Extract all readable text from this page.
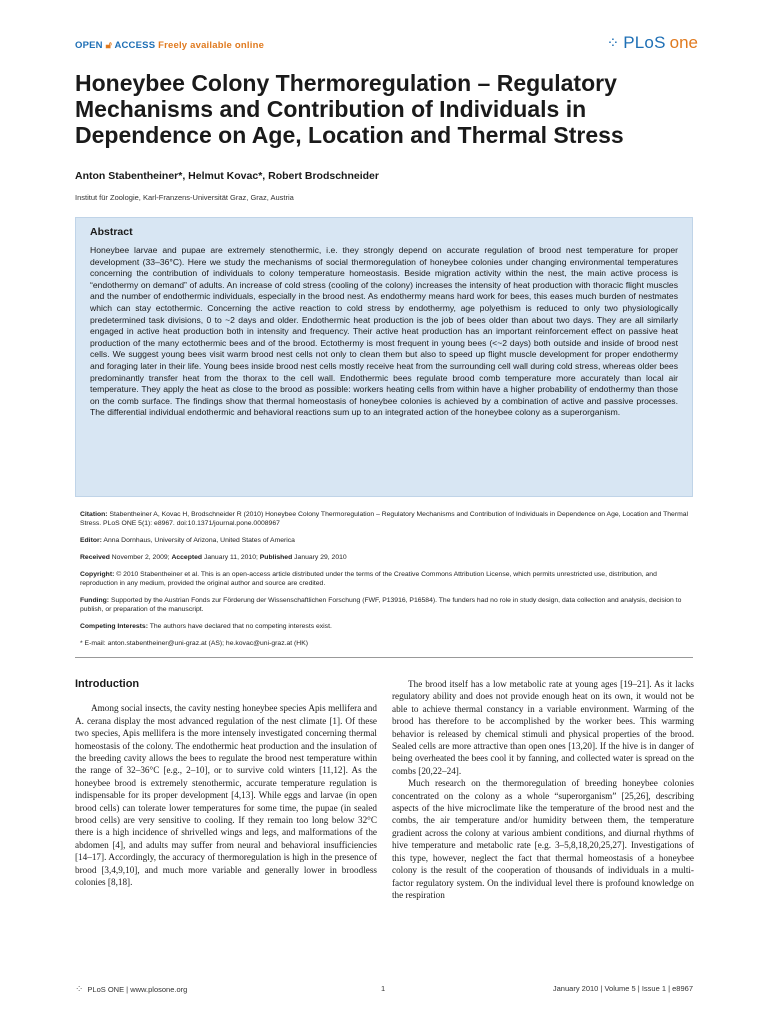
OPEN 🔓︎ ACCESS Freely available online	⁘ PLoS one
Honeybee Colony Thermoregulation – Regulatory Mechanisms and Contribution of Individuals in Dependence on Age, Location and Thermal Stress
Anton Stabentheiner*, Helmut Kovac*, Robert Brodschneider
Institut für Zoologie, Karl-Franzens-Universität Graz, Graz, Austria
Abstract

Honeybee larvae and pupae are extremely stenothermic, i.e. they strongly depend on accurate regulation of brood nest temperature for proper development (33–36°C). Here we study the mechanisms of social thermoregulation of honeybee colonies under changing environmental temperatures concerning the contribution of individuals to colony temperature homeostasis. Beside migration activity within the nest, the main active process is “endothermy on demand” of adults. An increase of cold stress (cooling of the colony) increases the intensity of heat production with thoracic flight muscles and the number of endothermic individuals, especially in the brood nest. As endothermy means hard work for bees, this eases much burden of nestmates which can stay ectothermic. Concerning the active reaction to cold stress by endothermy, age polyethism is reduced to only two physiologically predetermined task divisions, 0 to ~2 days and older. Endothermic heat production is the job of bees older than about two days. They are all similarly engaged in active heat production both in intensity and frequency. Their active heat production has an important reinforcement effect on passive heat production of the many ectothermic bees and of the brood. Ectothermy is most frequent in young bees (<~2 days) both outside and inside of brood nest cells. We suggest young bees visit warm brood nest cells not only to clean them but also to speed up flight muscle development for proper endothermy and foraging later in their life. Young bees inside brood nest cells mostly receive heat from the surrounding cell wall during cold stress, whereas older bees predominantly transfer heat from the thorax to the cell wall. Endothermic bees regulate brood comb temperature more accurately than local air temperature. They apply the heat as close to the brood as possible: workers heating cells from within have a higher probability of endothermy than those on the comb surface. The findings show that thermal homeostasis of honeybee colonies is achieved by a combination of active and passive processes. The differential individual endothermic and behavioral reactions sum up to an integrated action of the honeybee colony as a superorganism.

Citation: Stabentheiner A, Kovac H, Brodschneider R (2010) Honeybee Colony Thermoregulation – Regulatory Mechanisms and Contribution of Individuals in Dependence on Age, Location and Thermal Stress. PLoS ONE 5(1): e8967. doi:10.1371/journal.pone.0008967

Editor: Anna Dornhaus, University of Arizona, United States of America

Received November 2, 2009; Accepted January 11, 2010; Published January 29, 2010

Copyright: © 2010 Stabentheiner et al. This is an open-access article distributed under the terms of the Creative Commons Attribution License, which permits unrestricted use, distribution, and reproduction in any medium, provided the original author and source are credited.

Funding: Supported by the Austrian Fonds zur Förderung der Wissenschaftlichen Forschung (FWF, P13916, P16584). The funders had no role in study design, data collection and analysis, decision to publish, or preparation of the manuscript.

Competing Interests: The authors have declared that no competing interests exist.

* E-mail: anton.stabentheiner@uni-graz.at (AS); he.kovac@uni-graz.at (HK)

Introduction

Among social insects, the cavity nesting honeybee species Apis mellifera and A. cerana display the most advanced regulation of the nest climate [1]. Of these two species, Apis mellifera is the more intensely investigated concerning thermal homeostasis of the colony. The endothermic heat production and the insulation of the breeding cavity allows the bees to regulate the brood nest temperature within the range of 32–36°C [e.g., 2–10], or to survive cold winters [11,12]. As the honeybee brood is extremely stenothermic, accurate temperature regulation is indispensable for its proper development [4,13]. While eggs and larvae (in open brood cells) can tolerate lower temperatures for some time, the pupae (in sealed brood cells) are very sensitive to cooling. If they remain too long below 32°C there is a high incidence of shrivelled wings and legs, and malformations of the abdomen [4], and adults may suffer from neural and behavioral insufficiencies [14–17]. Accordingly, the accuracy of thermoregulation is high in the presence of brood [3,4,9,10], and much more variable and generally lower in broodless colonies [8,18].

The brood itself has a low metabolic rate at young ages [19–21]. As it lacks regulatory ability and does not provide enough heat on its own, it would not be able to achieve thermal constancy in a variable environment. Warming of the brood has therefore to be accomplished by the worker bees. This warming behavior is released by chemical stimuli and physical properties of the brood. Sealed cells are more attractive than open ones [13,20]. If the hive is in danger of being overheated the bees cool it by fanning, and collected water is spread on the combs [20,22–24].

Much research on the thermoregulation of breeding honeybee colonies concentrated on the colony as a whole “superorganism” [25,26], describing aspects of the hive microclimate like the temperature of the brood nest and the combs, the air temperature and/or humidity between them, the temperature gradient across the colony at various ambient conditions, and diurnal rhythms of hive temperature and metabolic rate [e.g. 3–5,8,18,20,25,27]. Investigations of this type, however, neglect the fact that thermal homeostasis of a honeybee colony is the result of the cooperation of thousands of individuals in a multi-factor regulatory system. On the individual level there is profound knowledge on the respiration

⁘ PLoS ONE | www.plosone.org	1	January 2010 | Volume 5 | Issue 1 | e8967
